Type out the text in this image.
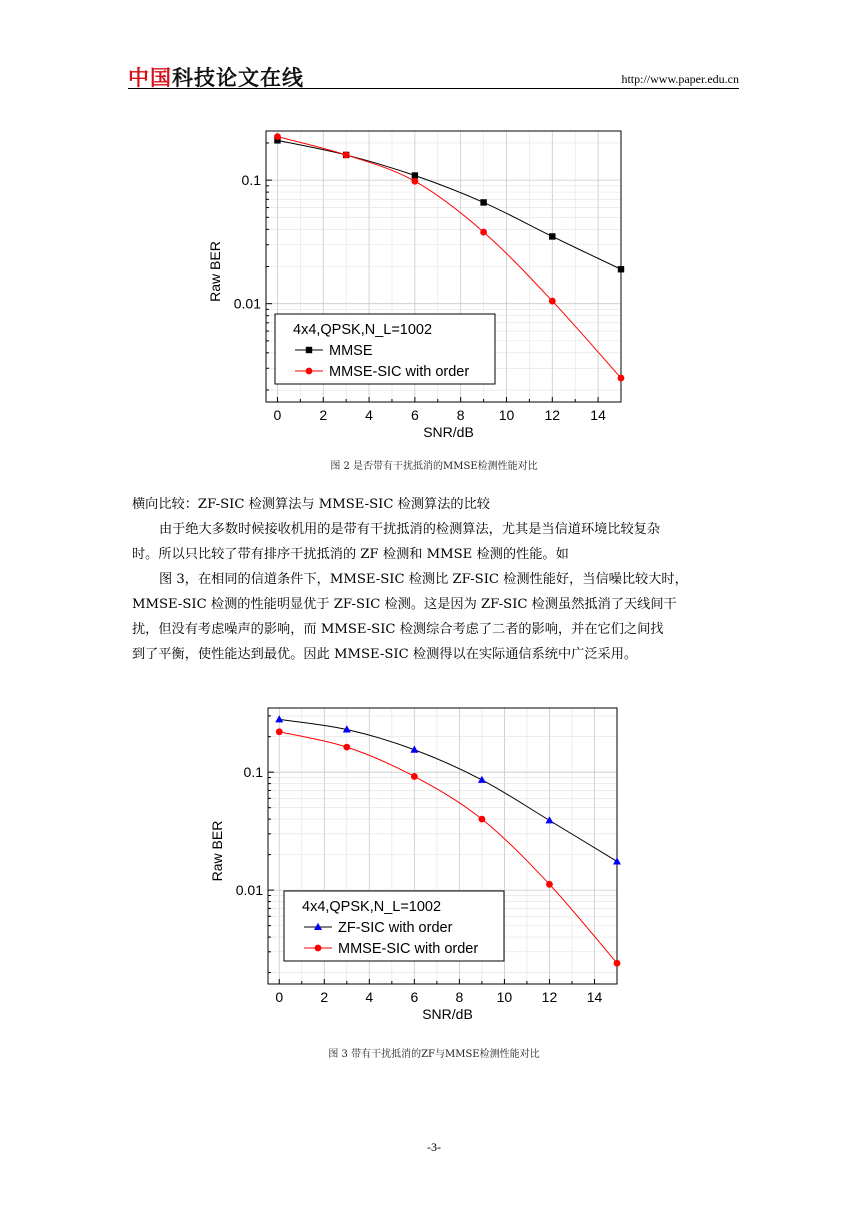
中国科技论文在线	http://www.paper.edu.cn
0	2	4	6	8 10 12 14
SNR/dB
0.1
0.01
Raw BER
4x4,QPSK,N_L=1002
MMSE
MMSE-SIC with order
图 2 是否带有干扰抵消的MMSE检测性能对比
横向比较：ZF-SIC 检测算法与 MMSE-SIC 检测算法的比较
由于绝大多数时候接收机用的是带有干扰抵消的检测算法，尤其是当信道环境比较复杂
时。所以只比较了带有排序干扰抵消的 ZF 检测和 MMSE 检测的性能。如
图 3，在相同的信道条件下，MMSE-SIC 检测比 ZF-SIC 检测性能好，当信噪比较大时，
MMSE-SIC 检测的性能明显优于 ZF-SIC 检测。这是因为 ZF-SIC 检测虽然抵消了天线间干
扰，但没有考虑噪声的影响，而 MMSE-SIC 检测综合考虑了二者的影响，并在它们之间找
到了平衡，使性能达到最优。因此 MMSE-SIC 检测得以在实际通信系统中广泛采用。
0	2	4	6	8 10 12 14
SNR/dB
0.1
0.01
Raw BER
4x4,QPSK,N_L=1002
ZF-SIC with order
MMSE-SIC with order
图 3 带有干扰抵消的ZF与MMSE检测性能对比
-3-
